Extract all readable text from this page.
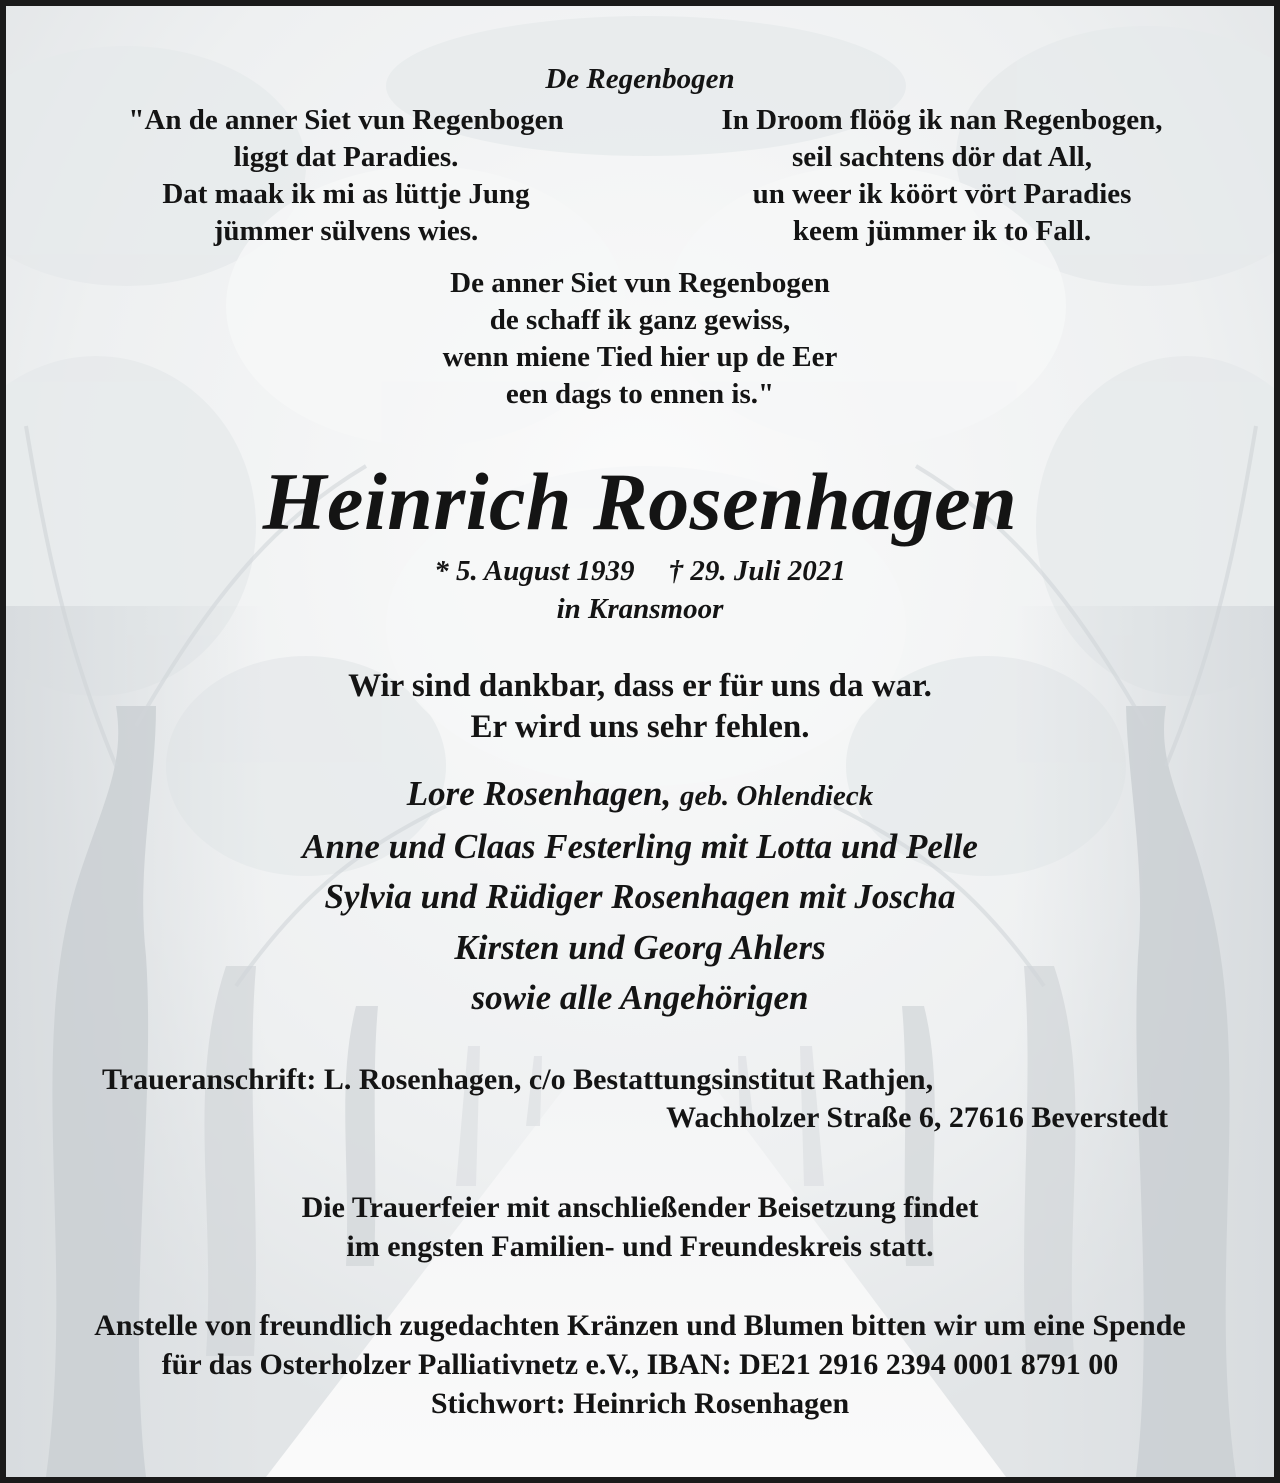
De Regenbogen
"An de anner Siet vun Regenbogen
liggt dat Paradies.
Dat maak ik mi as lüttje Jung
jümmer sülvens wies.
In Droom flöög ik nan Regenbogen,
seil sachtens dör dat All,
un weer ik köört vört Paradies
keem jümmer ik to Fall.
De anner Siet vun Regenbogen
de schaff ik ganz gewiss,
wenn miene Tied hier up de Eer
een dags to ennen is."
Heinrich Rosenhagen
* 5. August 1939 † 29. Juli 2021
in Kransmoor
Wir sind dankbar, dass er für uns da war.
Er wird uns sehr fehlen.
Lore Rosenhagen, geb. Ohlendieck
Anne und Claas Festerling mit Lotta und Pelle
Sylvia und Rüdiger Rosenhagen mit Joscha
Kirsten und Georg Ahlers
sowie alle Angehörigen
Traueranschrift: L. Rosenhagen, c/o Bestattungsinstitut Rathjen,
Wachholzer Straße 6, 27616 Beverstedt
Die Trauerfeier mit anschließender Beisetzung findet
im engsten Familien- und Freundeskreis statt.
Anstelle von freundlich zugedachten Kränzen und Blumen bitten wir um eine Spende
für das Osterholzer Palliativnetz e.V., IBAN: DE21 2916 2394 0001 8791 00
Stichwort: Heinrich Rosenhagen
